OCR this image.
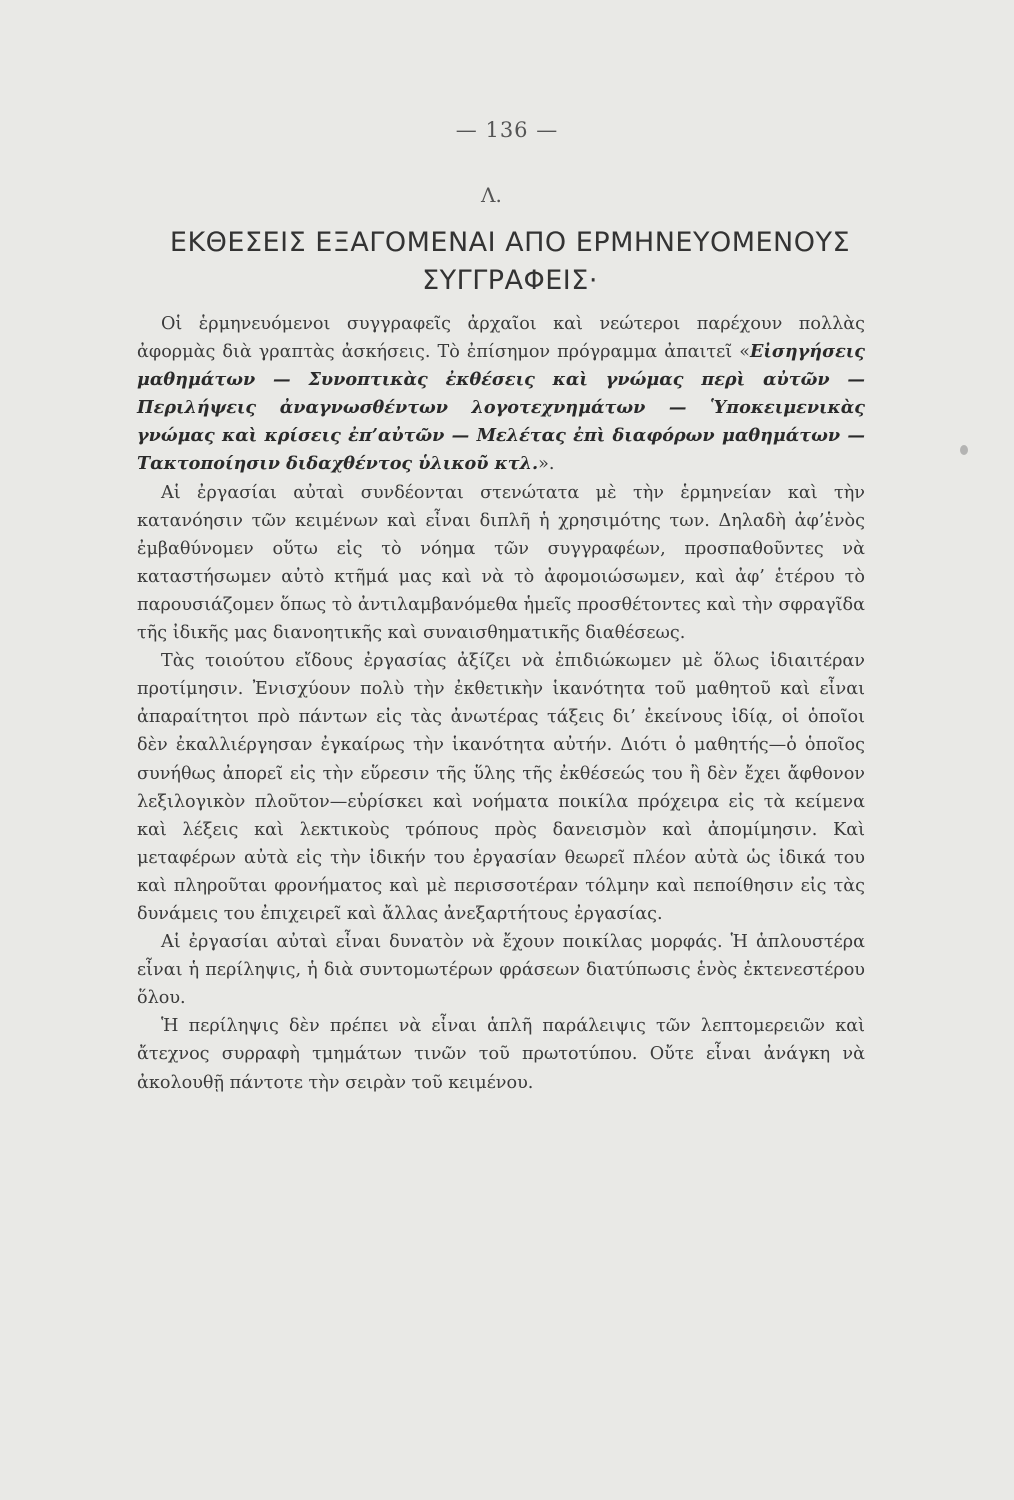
— 136 —
Λ.
ΕΚΘΕΣΕΙΣ ΕΞΑΓΟΜΕΝΑΙ ΑΠΟ ΕΡΜΗΝΕΥΟΜΕΝΟΥΣ
ΣΥΓΓΡΑΦΕΙΣ·

Οἱ ἑρμηνευόμενοι συγγραφεῖς ἀρχαῖοι καὶ νεώτεροι παρέχουν πολλὰς ἀφορμὰς διὰ γραπτὰς ἀσκήσεις. Τὸ ἐπίσημον πρόγραμμα ἀπαιτεῖ «Εἰσηγήσεις μαθημάτων — Συνοπτικὰς ἐκθέσεις καὶ γνώμας περὶ αὐτῶν — Περιλήψεις ἀναγνωσθέντων λογοτεχνημάτων — Ὑποκειμενικὰς γνώμας καὶ κρίσεις ἐπ’αὐτῶν — Μελέτας ἐπὶ διαφόρων μαθημάτων — Τακτοποίησιν διδαχθέντος ὑλικοῦ κτλ.».

Αἱ ἐργασίαι αὐταὶ συνδέονται στενώτατα μὲ τὴν ἑρμηνείαν καὶ τὴν κατανόησιν τῶν κειμένων καὶ εἶναι διπλῆ ἡ χρησιμότης των. Δηλαδὴ ἀφ’ἑνὸς ἐμβαθύνομεν οὕτω εἰς τὸ νόημα τῶν συγγραφέων, προσπαθοῦντες νὰ καταστήσωμεν αὐτὸ κτῆμά μας καὶ νὰ τὸ ἀφομοιώσωμεν, καὶ ἀφ’ ἑτέρου τὸ παρουσιάζομεν ὅπως τὸ ἀντιλαμβανόμεθα ἡμεῖς προσθέτοντες καὶ τὴν σφραγῖδα τῆς ἰδικῆς μας διανοητικῆς καὶ συναισθηματικῆς διαθέσεως.

Τὰς τοιούτου εἴδους ἐργασίας ἀξίζει νὰ ἐπιδιώκωμεν μὲ ὅλως ἰδιαιτέραν προτίμησιν. Ἐνισχύουν πολὺ τὴν ἐκθετικὴν ἱκανότητα τοῦ μαθητοῦ καὶ εἶναι ἀπαραίτητοι πρὸ πάντων εἰς τὰς ἀνωτέρας τάξεις δι’ ἐκείνους ἰδίᾳ, οἱ ὁποῖοι δὲν ἐκαλλιέργησαν ἐγκαίρως τὴν ἱκανότητα αὐτήν. Διότι ὁ μαθητής—ὁ ὁποῖος συνήθως ἀπορεῖ εἰς τὴν εὕρεσιν τῆς ὕλης τῆς ἐκθέσεώς του ἢ δὲν ἔχει ἄφθονον λεξιλογικὸν πλοῦτον—εὑρίσκει καὶ νοήματα ποικίλα πρόχειρα εἰς τὰ κείμενα καὶ λέξεις καὶ λεκτικοὺς τρόπους πρὸς δανεισμὸν καὶ ἀπομίμησιν. Καὶ μεταφέρων αὐτὰ εἰς τὴν ἰδικήν του ἐργασίαν θεωρεῖ πλέον αὐτὰ ὡς ἰδικά του καὶ πληροῦται φρονήματος καὶ μὲ περισσοτέραν τόλμην καὶ πεποίθησιν εἰς τὰς δυνάμεις του ἐπιχειρεῖ καὶ ἄλλας ἀνεξαρτήτους ἐργασίας.

Αἱ ἐργασίαι αὐταὶ εἶναι δυνατὸν νὰ ἔχουν ποικίλας μορφάς. Ἡ ἁπλουστέρα εἶναι ἡ περίληψις, ἡ διὰ συντομωτέρων φράσεων διατύπωσις ἑνὸς ἐκτενεστέρου ὅλου.

Ἡ περίληψις δὲν πρέπει νὰ εἶναι ἁπλῆ παράλειψις τῶν λεπτομερειῶν καὶ ἄτεχνος συρραφὴ τμημάτων τινῶν τοῦ πρωτοτύπου. Οὔτε εἶναι ἀνάγκη νὰ ἀκολουθῇ πάντοτε τὴν σειρὰν τοῦ κειμένου.
